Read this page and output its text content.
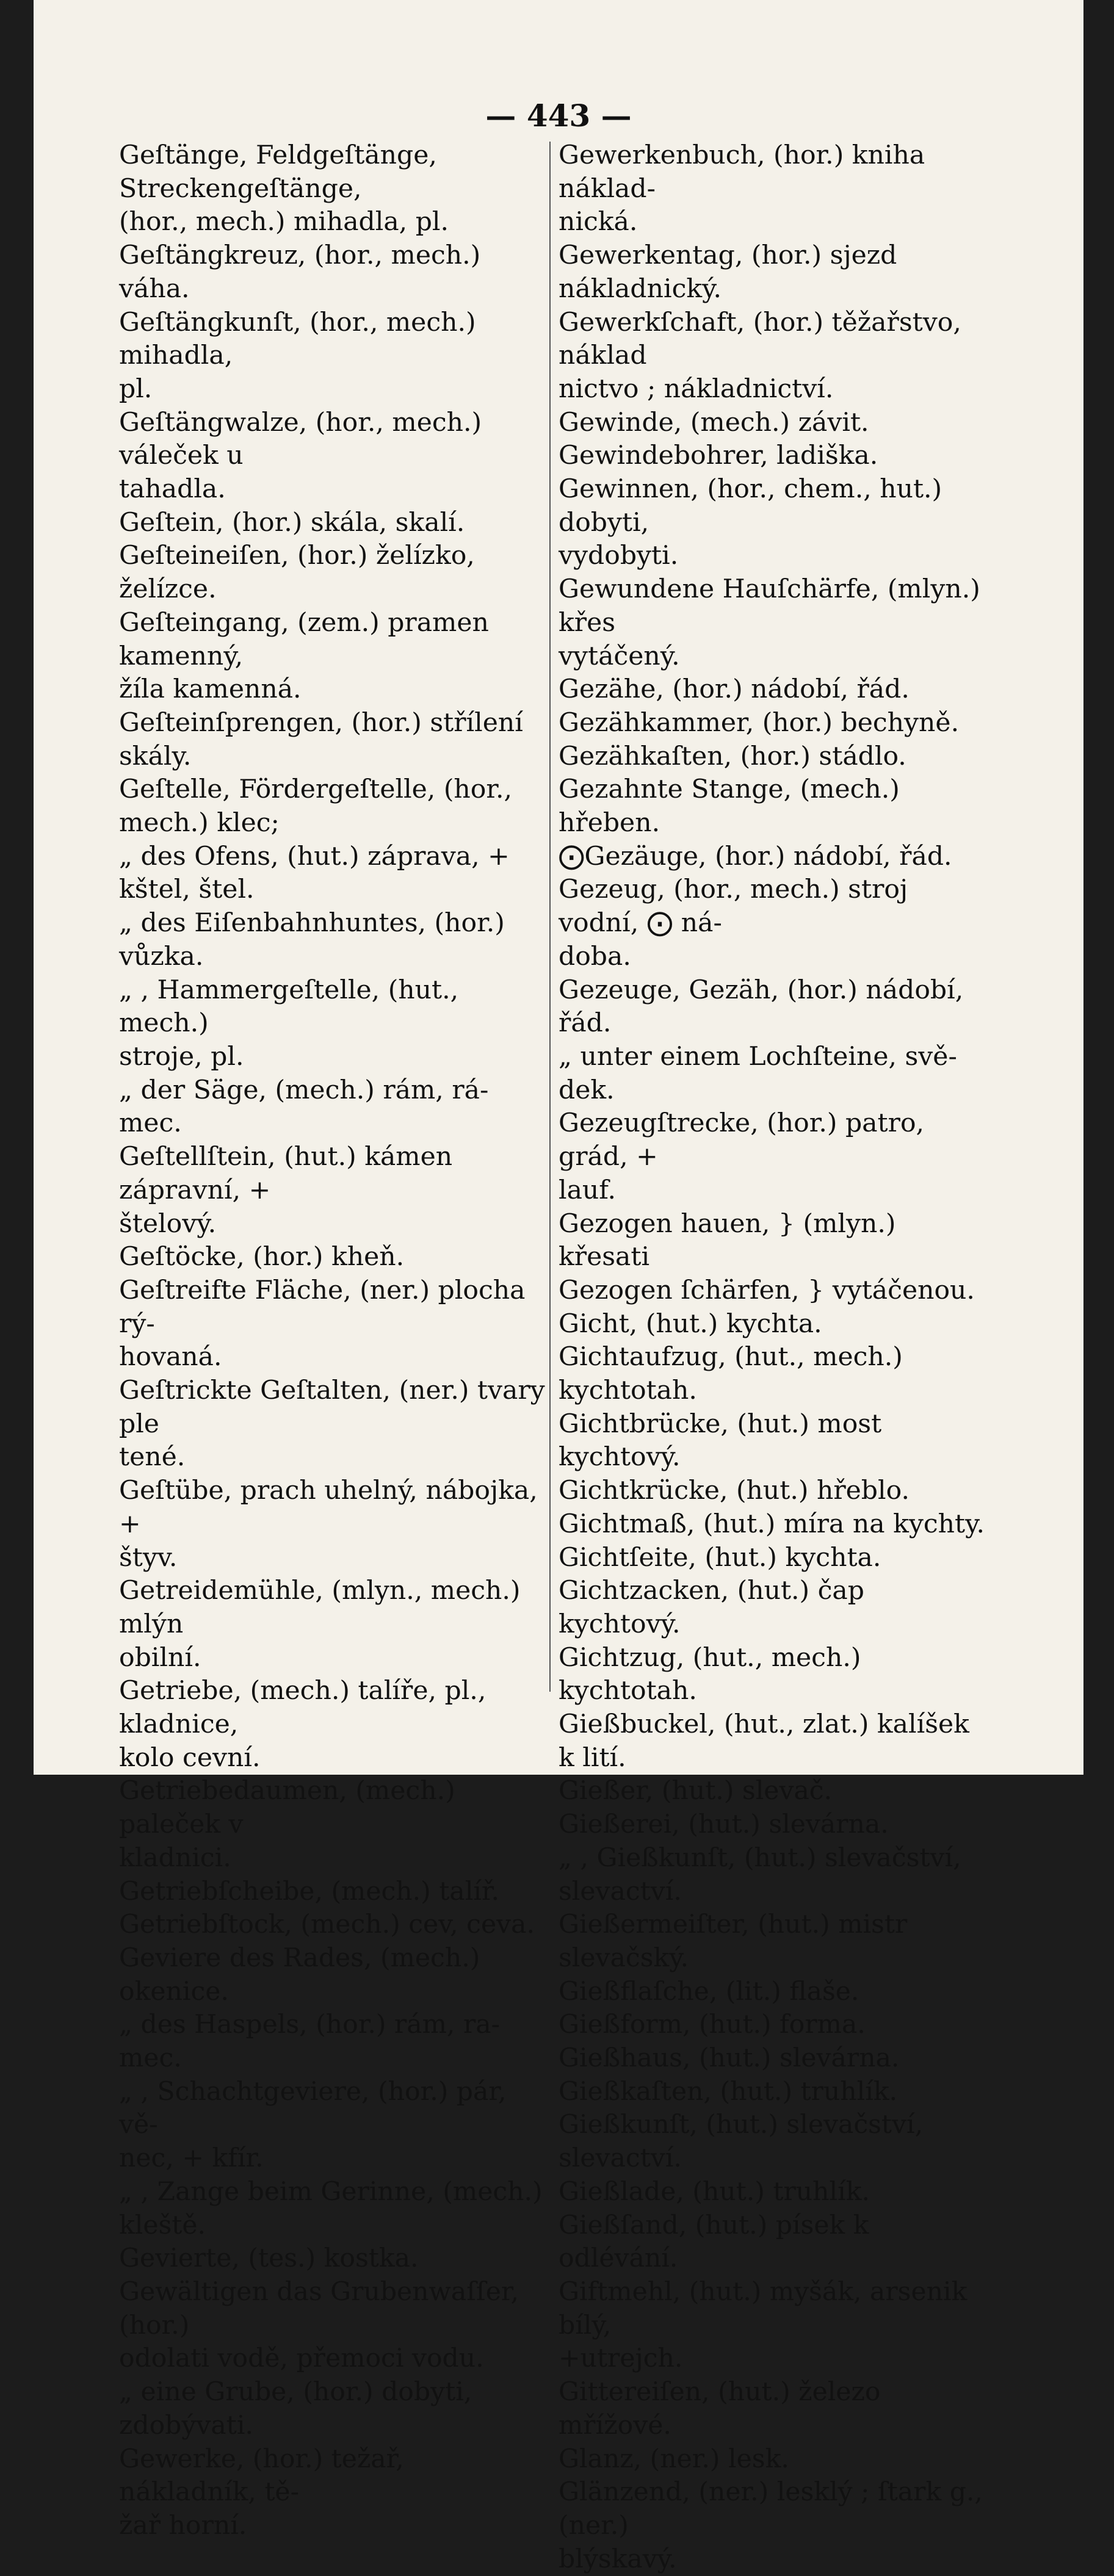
— 443 —
Geſtänge, Feldgeſtänge, Streckengeſtänge,
(hor., mech.) mihadla, pl.
Geſtängkreuz, (hor., mech.) váha.
Geſtängkunſt, (hor., mech.) mihadla,
pl.
Geſtängwalze, (hor., mech.) váleček u
tahadla.
Geſtein, (hor.) skála, skalí.
Geſteineiſen, (hor.) želízko, želízce.
Geſteingang, (zem.) pramen kamenný,
žíla kamenná.
Geſteinſprengen, (hor.) střílení skály.
Geſtelle, Fördergeſtelle, (hor., mech.) klec;
„ des Ofens, (hut.) záprava, +
kštel, štel.
„ des Eiſenbahnhuntes, (hor.)
vůzka.
„ , Hammergeſtelle, (hut., mech.)
stroje, pl.
„ der Säge, (mech.) rám, rá-
mec.
Geſtellſtein, (hut.) kámen zápravní, +
štelový.
Geſtöcke, (hor.) kheň.
Geſtreifte Fläche, (ner.) plocha rý-
hovaná.
Geſtrickte Geſtalten, (ner.) tvary ple
tené.
Geſtübe, prach uhelný, nábojka, +
štyv.
Getreidemühle, (mlyn., mech.) mlýn
obilní.
Getriebe, (mech.) talíře, pl., kladnice,
kolo cevní.
Getriebedaumen, (mech.) paleček v
kladnici.
Getriebſcheibe, (mech.) talíř.
Getriebſtock, (mech.) cev, ceva.
Geviere des Rades, (mech.) okenice.
„ des Haspels, (hor.) rám, ra-
mec.
„ , Schachtgeviere, (hor.) pár, vě-
nec, + kfír.
„ , Zange beim Gerinne, (mech.)
kleště.
Gevierte, (tes.) kostka.
Gewältigen das Grubenwaſſer, (hor.)
odolati vodě, přemoci vodu.
„ eine Grube, (hor.) dobyti,
zdobývati.
Gewerke, (hor.) težař, nákladník, tě-
žař horní.
Gewerkenbuch, (hor.) kniha náklad-
nická.
Gewerkentag, (hor.) sjezd nákladnický.
Gewerkſchaft, (hor.) těžařstvo, náklad
nictvo ; nákladnictví.
Gewinde, (mech.) závit.
Gewindebohrer, ladiška.
Gewinnen, (hor., chem., hut.) dobyti,
vydobyti.
Gewundene Hauſchärfe, (mlyn.) křes
vytáčený.
Gezähe, (hor.) nádobí, řád.
Gezähkammer, (hor.) bechyně.
Gezähkaſten, (hor.) stádlo.
Gezahnte Stange, (mech.) hřeben.
⨀Gezäuge, (hor.) nádobí, řád.
Gezeug, (hor., mech.) stroj vodní, ⨀ ná-
doba.
Gezeuge, Gezäh, (hor.) nádobí, řád.
„ unter einem Lochſteine, svě-
dek.
Gezeugſtrecke, (hor.) patro, grád, +
lauf.
Gezogen hauen, } (mlyn.) křesati
Gezogen ſchärfen, } vytáčenou.
Gicht, (hut.) kychta.
Gichtaufzug, (hut., mech.) kychtotah.
Gichtbrücke, (hut.) most kychtový.
Gichtkrücke, (hut.) hřeblo.
Gichtmaß, (hut.) míra na kychty.
Gichtſeite, (hut.) kychta.
Gichtzacken, (hut.) čap kychtový.
Gichtzug, (hut., mech.) kychtotah.
Gießbuckel, (hut., zlat.) kalíšek k lití.
Gießer, (hut.) slevač.
Gießerei, (hut.) slevárna.
„ , Gießkunſt, (hut.) slevačství,
slevactví.
Gießermeiſter, (hut.) mistr slevačský.
Gießflaſche, (lit.) flaše.
Gießform, (hut.) forma.
Gießhaus, (hut.) slevárna.
Gießkaſten, (hut.) truhlík.
Gießkunſt, (hut.) slevačství, slevactví.
Gießlade, (hut.) truhlík.
Gießſand, (hut.) písek k odlévání.
Giftmehl, (hut.) myšák, arsenik bílý,
+utrejch.
Gittereiſen, (hut.) železo mřížové.
Glanz, (ner.) lesk.
Glänzend, (ner.) lesklý ; ſtark g., (ner.)
blýskavý.
